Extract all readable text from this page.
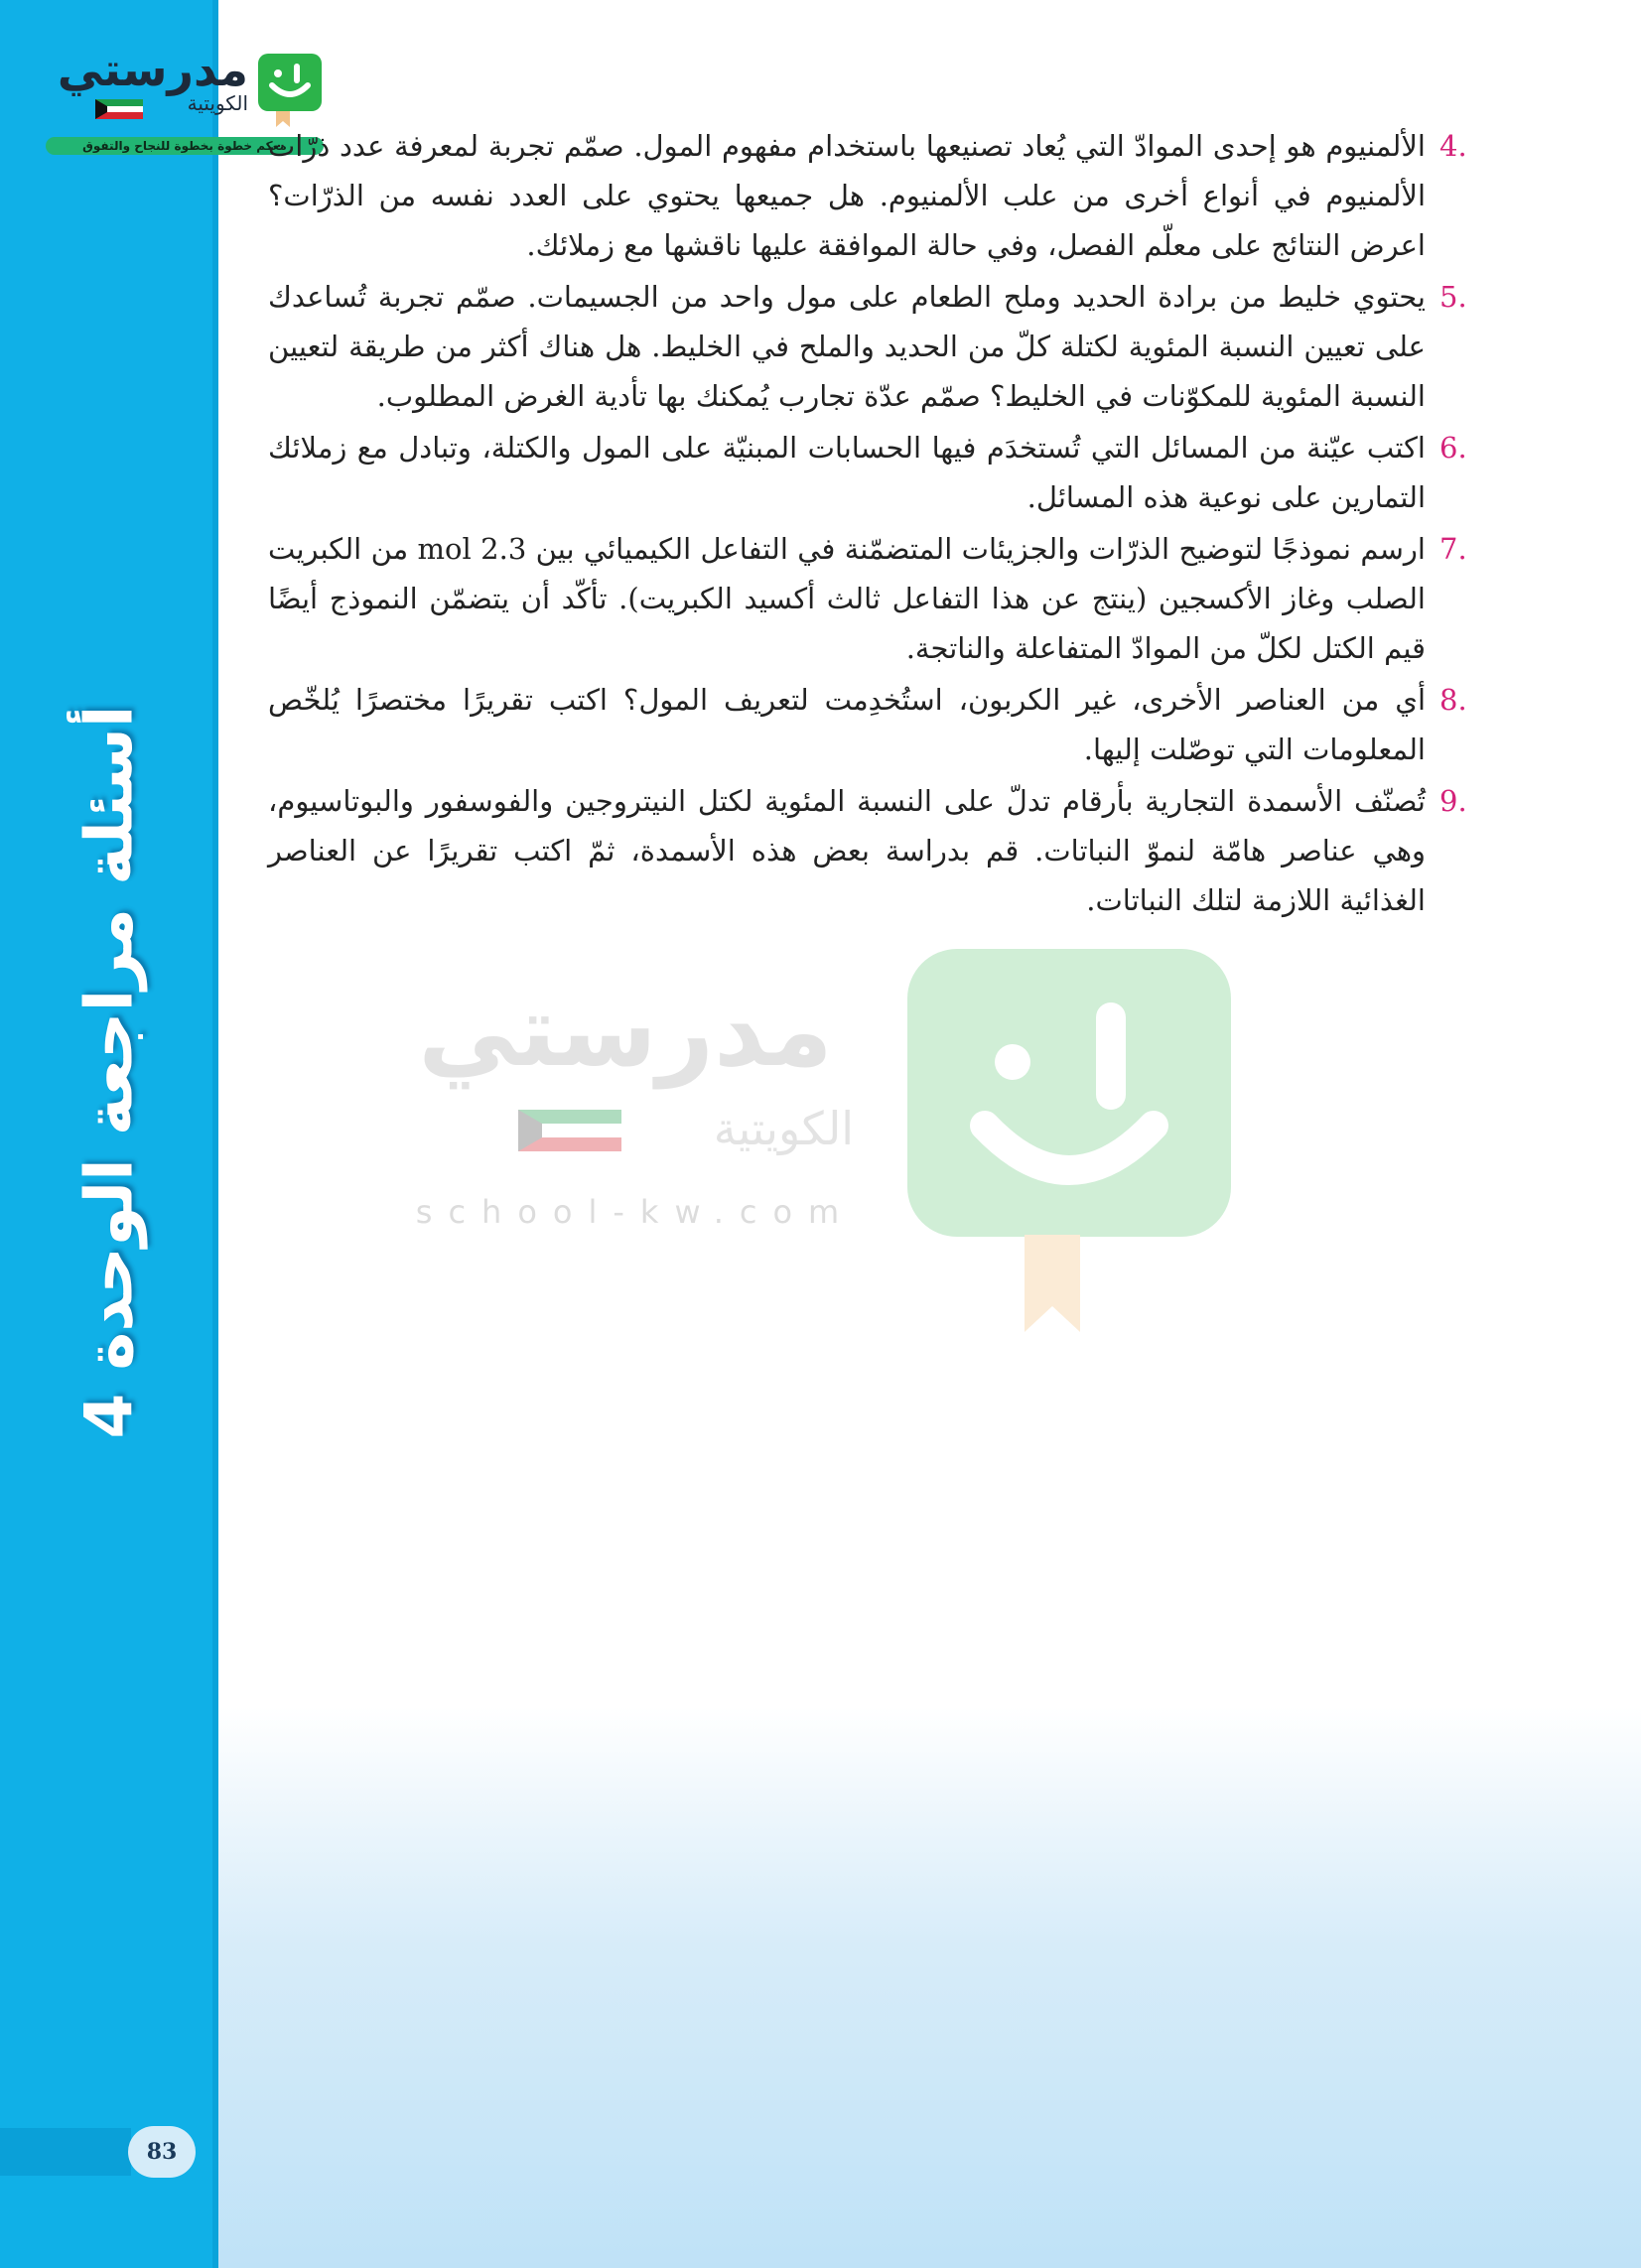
أسئلة مراجعة الوحدة 4
83
مدرستي
الكويتية
معكم خطوة بخطوة للنجاح والتفوق
مدرستي
الكويتية
school-kw.com
4.
الألمنيوم هو إحدى الموادّ التي يُعاد تصنيعها باستخدام مفهوم المول. صمّم تجربة لمعرفة عدد ذرّات الألمنيوم في أنواع أخرى من علب الألمنيوم. هل جميعها يحتوي على العدد نفسه من الذرّات؟ اعرض النتائج على معلّم الفصل، وفي حالة الموافقة عليها ناقشها مع زملائك.
5.
يحتوي خليط من برادة الحديد وملح الطعام على مول واحد من الجسيمات. صمّم تجربة تُساعدك على تعيين النسبة المئوية لكتلة كلّ من الحديد والملح في الخليط. هل هناك أكثر من طريقة لتعيين النسبة المئوية للمكوّنات في الخليط؟ صمّم عدّة تجارب يُمكنك بها تأدية الغرض المطلوب.
6.
اكتب عيّنة من المسائل التي تُستخدَم فيها الحسابات المبنيّة على المول والكتلة، وتبادل مع زملائك التمارين على نوعية هذه المسائل.
7.
ارسم نموذجًا لتوضيح الذرّات والجزيئات المتضمّنة في التفاعل الكيميائي بين 2.3 mol من الكبريت الصلب وغاز الأكسجين (ينتج عن هذا التفاعل ثالث أكسيد الكبريت). تأكّد أن يتضمّن النموذج أيضًا قيم الكتل لكلّ من الموادّ المتفاعلة والناتجة.
8.
أي من العناصر الأخرى، غير الكربون، استُخدِمت لتعريف المول؟ اكتب تقريرًا مختصرًا يُلخّص المعلومات التي توصّلت إليها.
9.
تُصنّف الأسمدة التجارية بأرقام تدلّ على النسبة المئوية لكتل النيتروجين والفوسفور والبوتاسيوم، وهي عناصر هامّة لنموّ النباتات. قم بدراسة بعض هذه الأسمدة، ثمّ اكتب تقريرًا عن العناصر الغذائية اللازمة لتلك النباتات.
